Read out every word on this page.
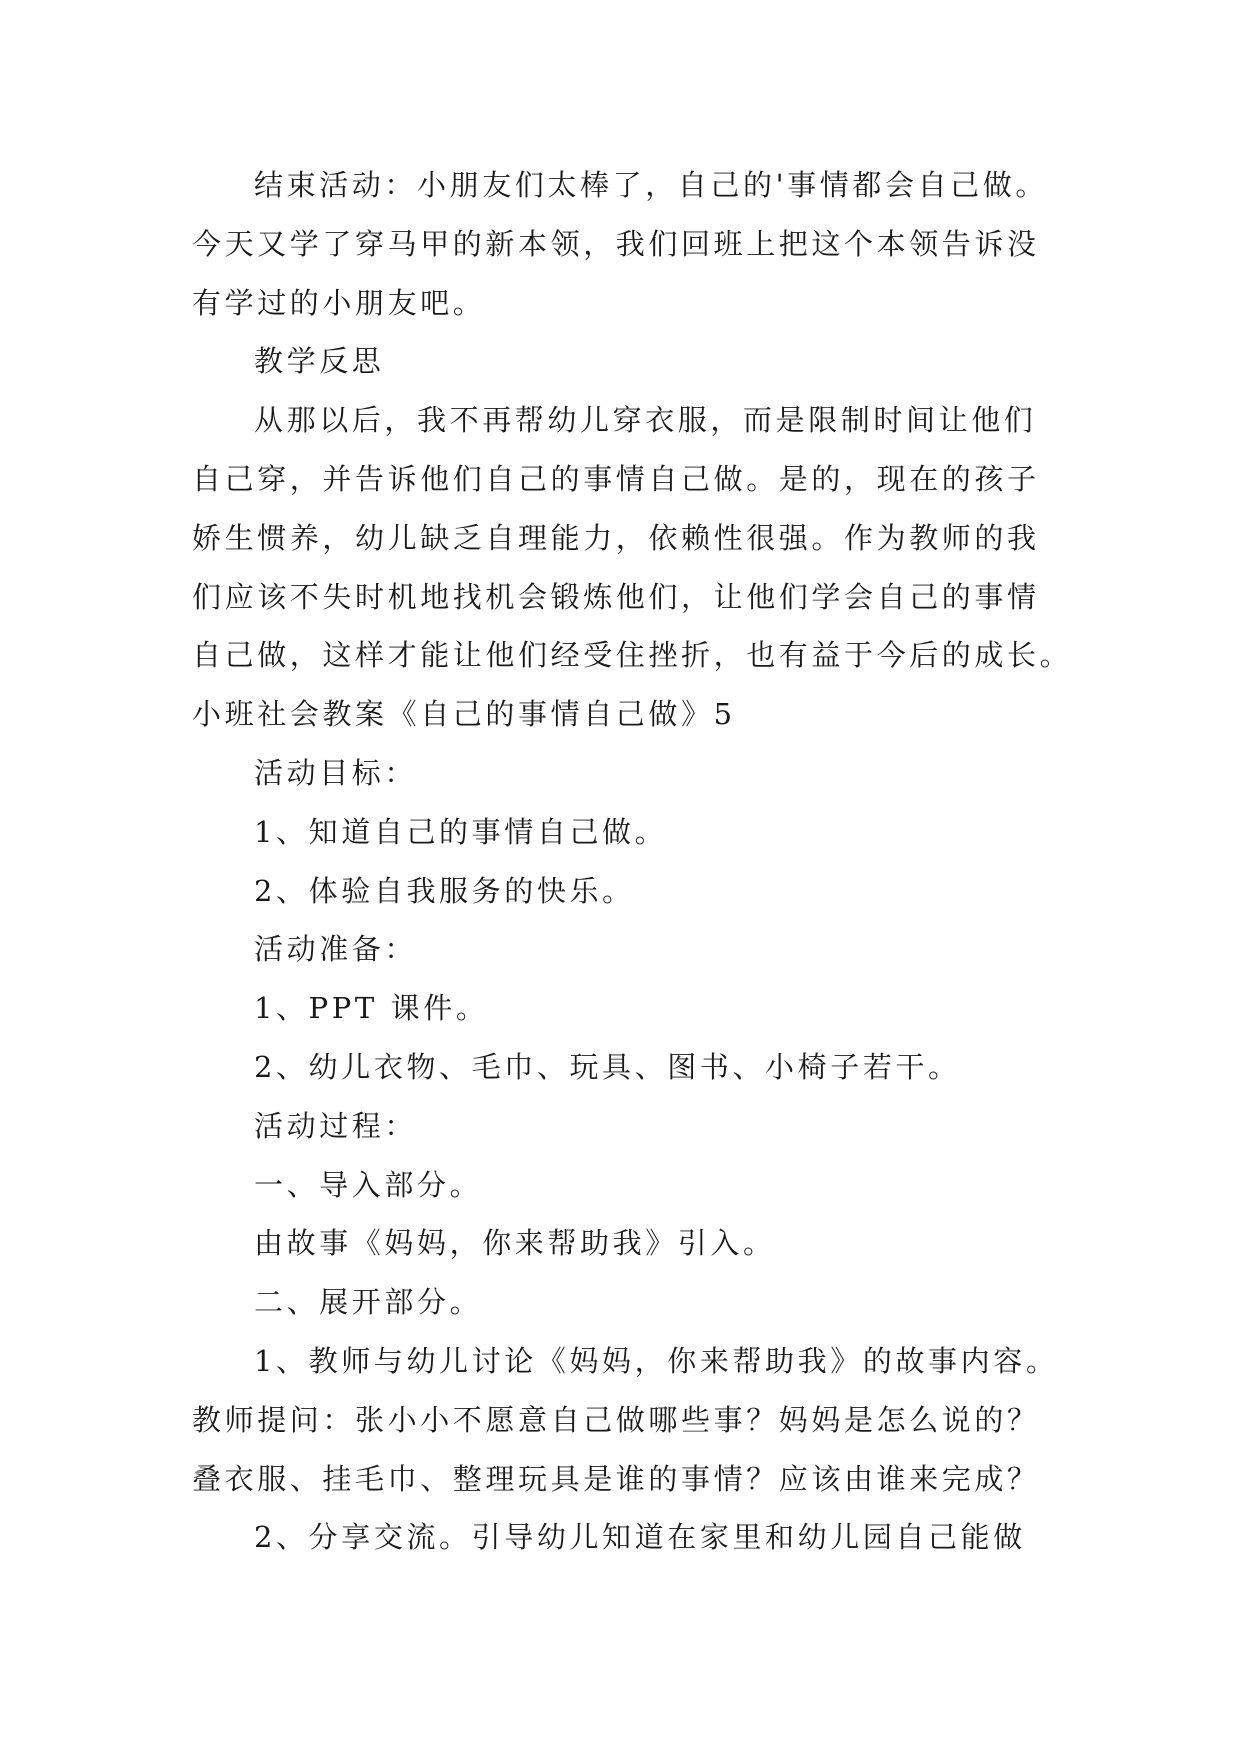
结束活动：小朋友们太棒了，自己的'事情都会自己做。
今天又学了穿马甲的新本领，我们回班上把这个本领告诉没
有学过的小朋友吧。
教学反思
从那以后，我不再帮幼儿穿衣服，而是限制时间让他们
自己穿，并告诉他们自己的事情自己做。是的，现在的孩子
娇生惯养，幼儿缺乏自理能力，依赖性很强。作为教师的我
们应该不失时机地找机会锻炼他们，让他们学会自己的事情
自己做，这样才能让他们经受住挫折，也有益于今后的成长。
小班社会教案《自己的事情自己做》5
活动目标：
1、知道自己的事情自己做。
2、体验自我服务的快乐。
活动准备：
1、PPT 课件。
2、幼儿衣物、毛巾、玩具、图书、小椅子若干。
活动过程：
一、导入部分。
由故事《妈妈，你来帮助我》引入。
二、展开部分。
1、教师与幼儿讨论《妈妈，你来帮助我》的故事内容。
教师提问：张小小不愿意自己做哪些事？妈妈是怎么说的？
叠衣服、挂毛巾、整理玩具是谁的事情？应该由谁来完成？
2、分享交流。引导幼儿知道在家里和幼儿园自己能做
